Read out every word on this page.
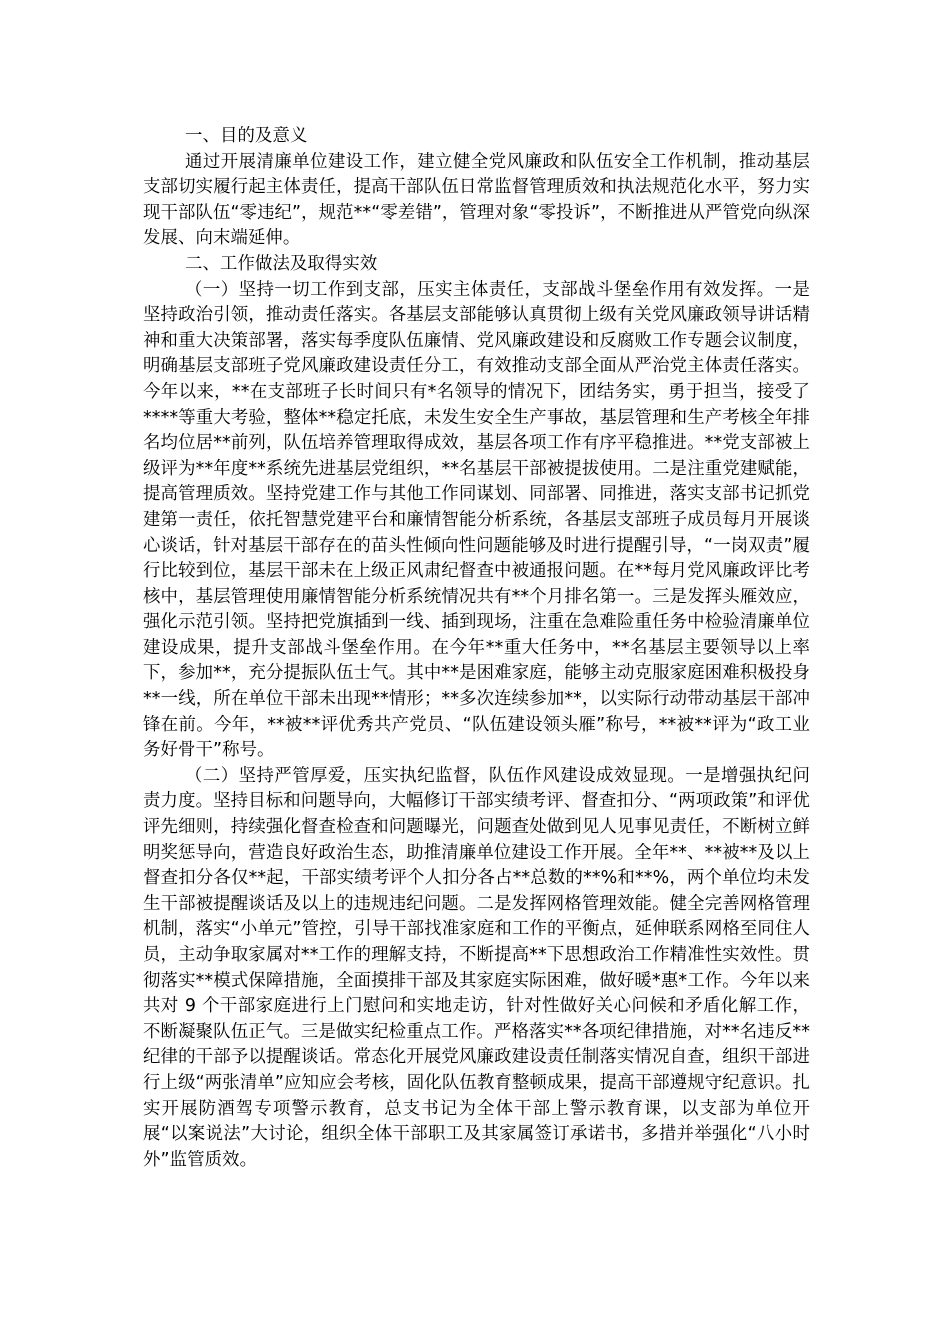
一、目的及意义

通过开展清廉单位建设工作，建立健全党风廉政和队伍安全工作机制，推动基层支部切实履行起主体责任，提高干部队伍日常监督管理质效和执法规范化水平，努力实现干部队伍“零违纪”，规范**“零差错”，管理对象“零投诉”，不断推进从严管党向纵深发展、向末端延伸。

二、工作做法及取得实效

（一）坚持一切工作到支部，压实主体责任，支部战斗堡垒作用有效发挥。一是坚持政治引领，推动责任落实。各基层支部能够认真贯彻上级有关党风廉政领导讲话精神和重大决策部署，落实每季度队伍廉情、党风廉政建设和反腐败工作专题会议制度，明确基层支部班子党风廉政建设责任分工，有效推动支部全面从严治党主体责任落实。今年以来，**在支部班子长时间只有*名领导的情况下，团结务实，勇于担当，接受了****等重大考验，整体**稳定托底，未发生安全生产事故，基层管理和生产考核全年排名均位居**前列，队伍培养管理取得成效，基层各项工作有序平稳推进。**党支部被上级评为**年度**系统先进基层党组织，**名基层干部被提拔使用。二是注重党建赋能，提高管理质效。坚持党建工作与其他工作同谋划、同部署、同推进，落实支部书记抓党建第一责任，依托智慧党建平台和廉情智能分析系统，各基层支部班子成员每月开展谈心谈话，针对基层干部存在的苗头性倾向性问题能够及时进行提醒引导，“一岗双责”履行比较到位，基层干部未在上级正风肃纪督查中被通报问题。在**每月党风廉政评比考核中，基层管理使用廉情智能分析系统情况共有**个月排名第一。三是发挥头雁效应，强化示范引领。坚持把党旗插到一线、插到现场，注重在急难险重任务中检验清廉单位建设成果，提升支部战斗堡垒作用。在今年**重大任务中，**名基层主要领导以上率下，参加**，充分提振队伍士气。其中**是困难家庭，能够主动克服家庭困难积极投身**一线，所在单位干部未出现**情形；**多次连续参加**，以实际行动带动基层干部冲锋在前。今年，**被**评优秀共产党员、“队伍建设领头雁”称号，**被**评为“政工业务好骨干”称号。

（二）坚持严管厚爱，压实执纪监督，队伍作风建设成效显现。一是增强执纪问责力度。坚持目标和问题导向，大幅修订干部实绩考评、督查扣分、“两项政策”和评优评先细则，持续强化督查检查和问题曝光，问题查处做到见人见事见责任，不断树立鲜明奖惩导向，营造良好政治生态，助推清廉单位建设工作开展。全年**、**被**及以上督查扣分各仅**起，干部实绩考评个人扣分各占**总数的**%和**%，两个单位均未发生干部被提醒谈话及以上的违规违纪问题。二是发挥网格管理效能。健全完善网格管理机制，落实“小单元”管控，引导干部找准家庭和工作的平衡点，延伸联系网格至同住人员，主动争取家属对**工作的理解支持，不断提高**下思想政治工作精准性实效性。贯彻落实**模式保障措施，全面摸排干部及其家庭实际困难，做好暖*惠*工作。今年以来共对 9 个干部家庭进行上门慰问和实地走访，针对性做好关心问候和矛盾化解工作，不断凝聚队伍正气。三是做实纪检重点工作。严格落实**各项纪律措施，对**名违反**纪律的干部予以提醒谈话。常态化开展党风廉政建设责任制落实情况自查，组织干部进行上级“两张清单”应知应会考核，固化队伍教育整顿成果，提高干部遵规守纪意识。扎实开展防酒驾专项警示教育，总支书记为全体干部上警示教育课，以支部为单位开展“以案说法”大讨论，组织全体干部职工及其家属签订承诺书，多措并举强化“八小时外”监管质效。
